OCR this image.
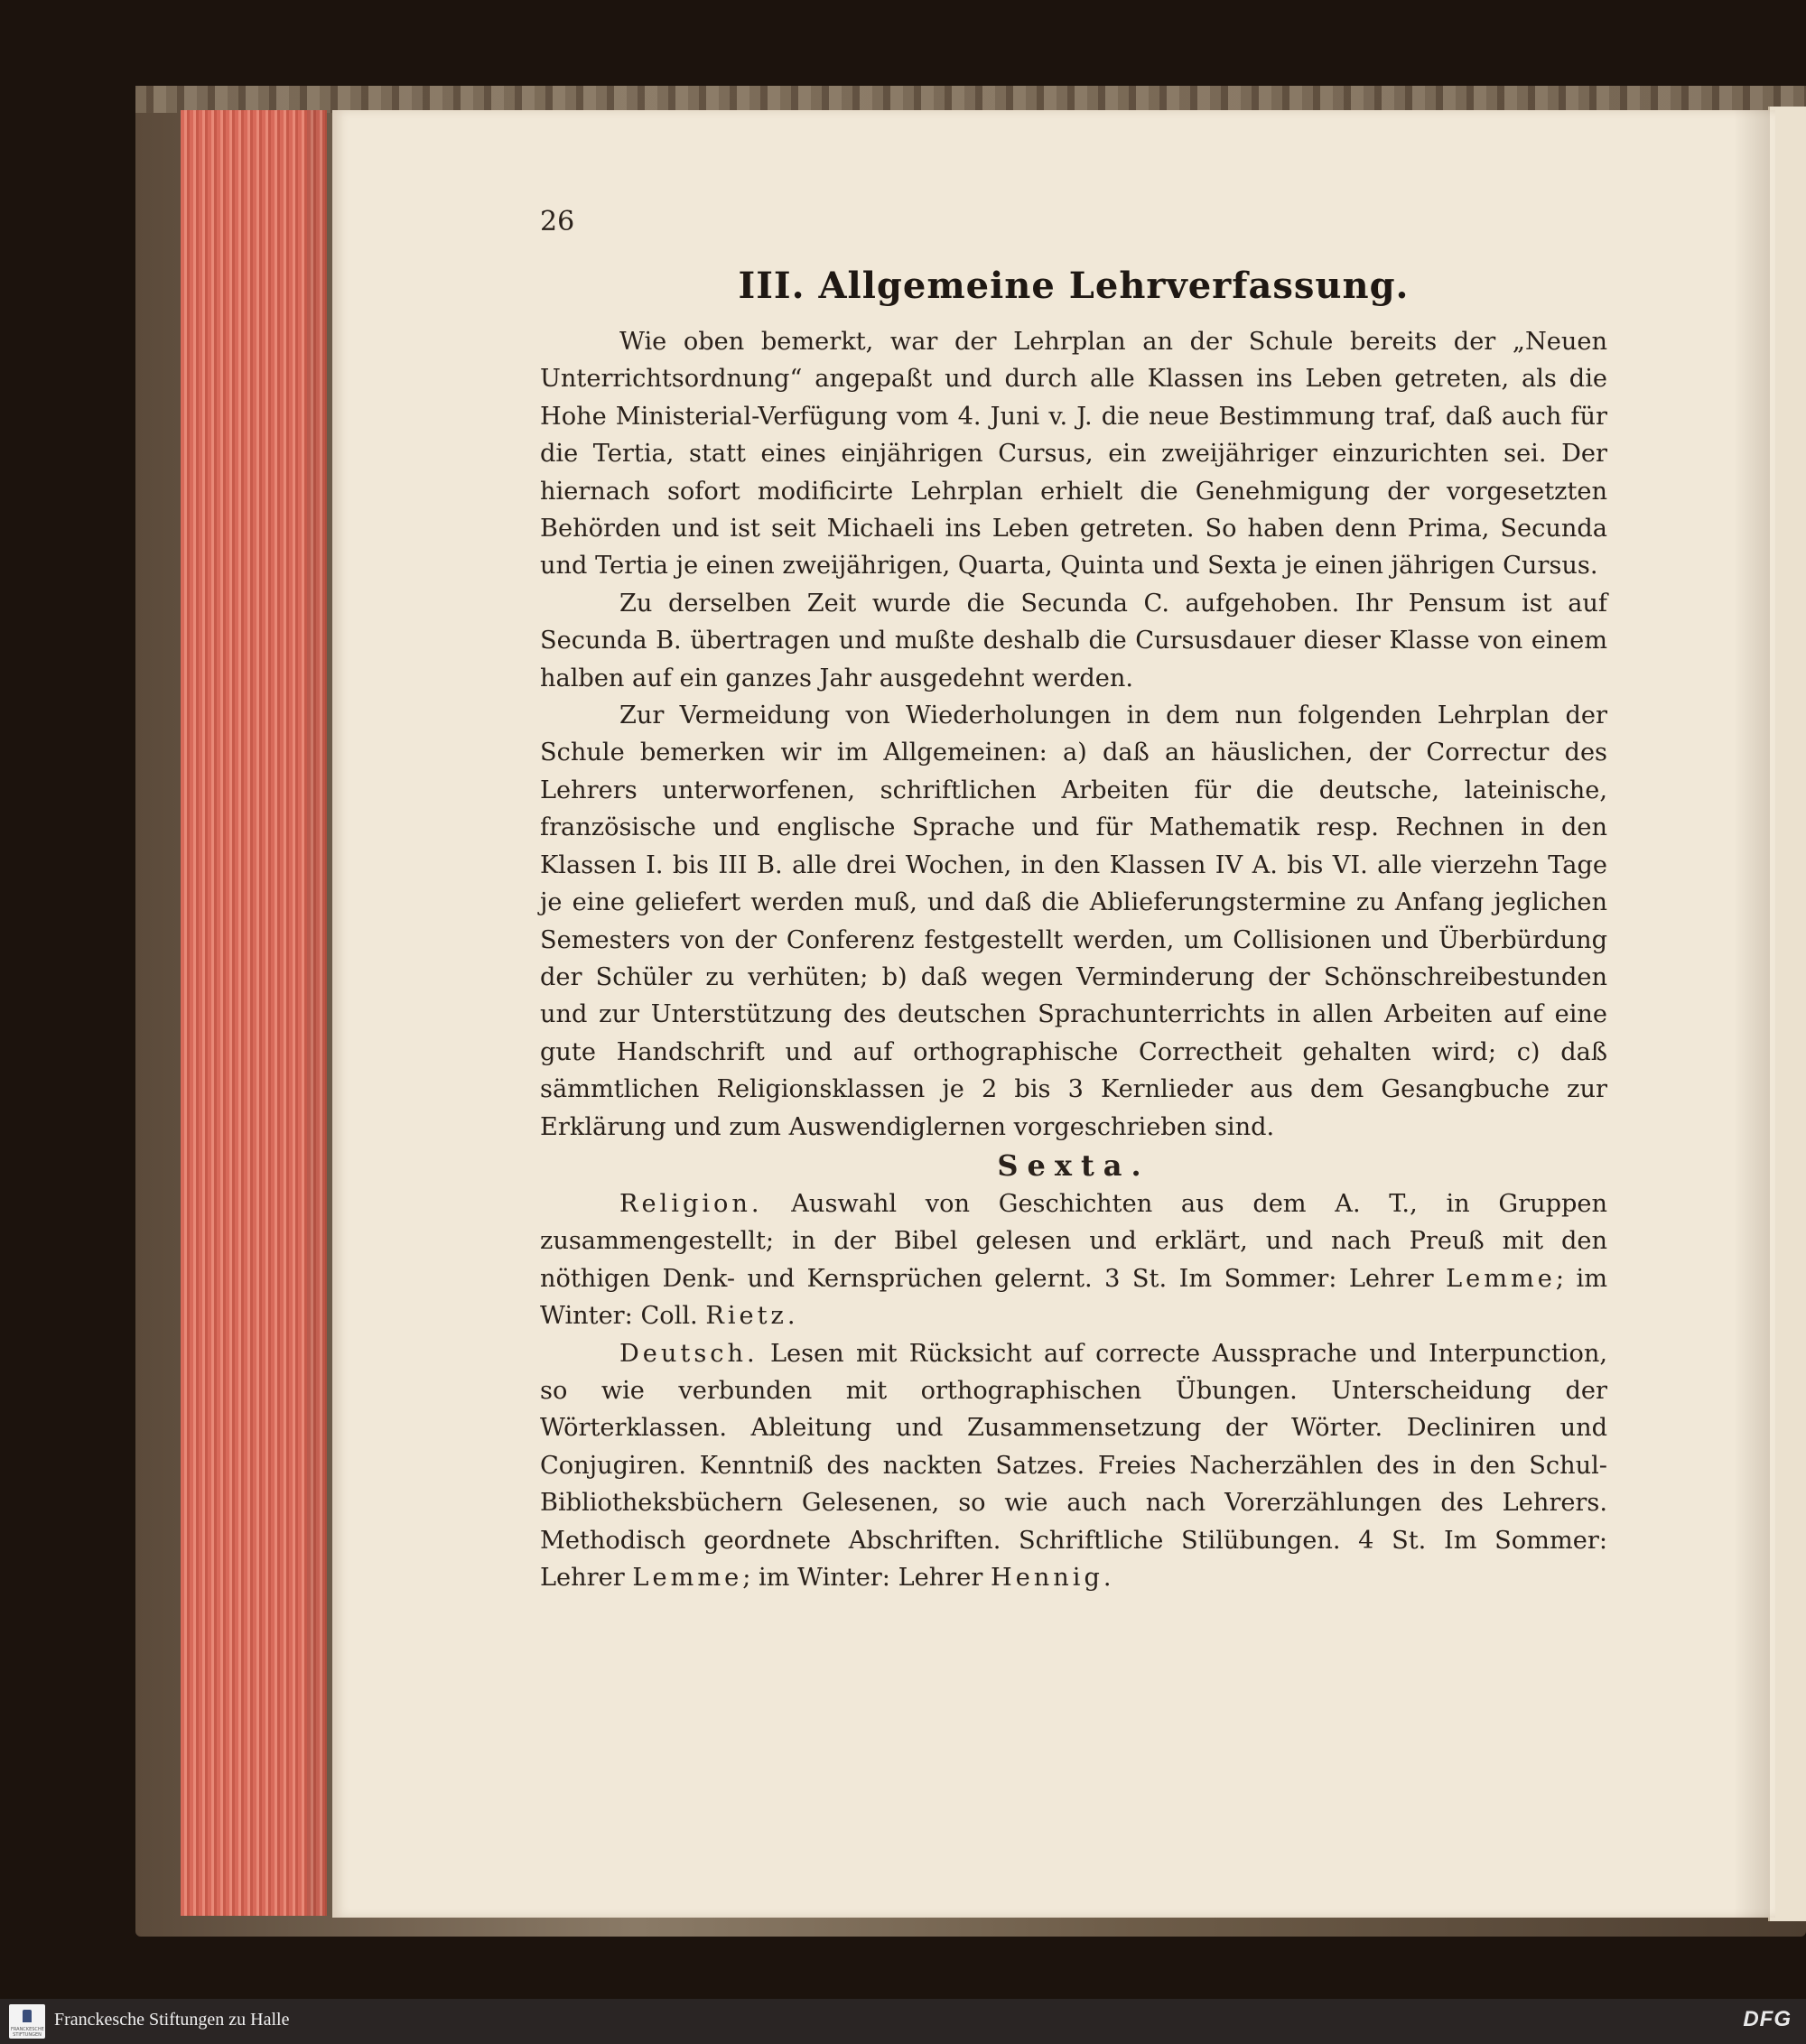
26
III. Allgemeine Lehrverfassung.

Wie oben bemerkt, war der Lehrplan an der Schule bereits der „Neuen Unterrichtsordnung“ angepaßt und durch alle Klassen ins Leben getreten, als die Hohe Ministerial-Verfügung vom 4. Juni v. J. die neue Bestimmung traf, daß auch für die Tertia, statt eines einjährigen Cursus, ein zweijähriger einzurichten sei. Der hiernach sofort modificirte Lehrplan erhielt die Genehmigung der vorgesetzten Behörden und ist seit Michaeli ins Leben getreten. So haben denn Prima, Secunda und Tertia je einen zweijährigen, Quarta, Quinta und Sexta je einen jährigen Cursus.

Zu derselben Zeit wurde die Secunda C. aufgehoben. Ihr Pensum ist auf Secunda B. übertragen und mußte deshalb die Cursusdauer dieser Klasse von einem halben auf ein ganzes Jahr ausgedehnt werden.

Zur Vermeidung von Wiederholungen in dem nun folgenden Lehrplan der Schule bemerken wir im Allgemeinen: a) daß an häuslichen, der Correctur des Lehrers unterworfenen, schriftlichen Arbeiten für die deutsche, lateinische, französische und englische Sprache und für Mathematik resp. Rechnen in den Klassen I. bis III B. alle drei Wochen, in den Klassen IV A. bis VI. alle vierzehn Tage je eine geliefert werden muß, und daß die Ablieferungstermine zu Anfang jeglichen Semesters von der Conferenz festgestellt werden, um Collisionen und Überbürdung der Schüler zu verhüten; b) daß wegen Verminderung der Schönschreibestunden und zur Unterstützung des deutschen Sprachunterrichts in allen Arbeiten auf eine gute Handschrift und auf orthographische Correctheit gehalten wird; c) daß sämmtlichen Religionsklassen je 2 bis 3 Kernlieder aus dem Gesangbuche zur Erklärung und zum Auswendiglernen vorgeschrieben sind.

Sexta.

Religion. Auswahl von Geschichten aus dem A. T., in Gruppen zusammengestellt; in der Bibel gelesen und erklärt, und nach Preuß mit den nöthigen Denk- und Kernsprüchen gelernt. 3 St. Im Sommer: Lehrer Lemme; im Winter: Coll. Rietz.

Deutsch. Lesen mit Rücksicht auf correcte Aussprache und Interpunction, so wie verbunden mit orthographischen Übungen. Unterscheidung der Wörterklassen. Ableitung und Zusammensetzung der Wörter. Decliniren und Conjugiren. Kenntniß des nackten Satzes. Freies Nacherzählen des in den Schul-Bibliotheksbüchern Gelesenen, so wie auch nach Vorerzählungen des Lehrers. Methodisch geordnete Abschriften. Schriftliche Stilübungen. 4 St. Im Sommer: Lehrer Lemme; im Winter: Lehrer Hennig.

FRANCKESCHE STIFTUNGEN
Franckesche Stiftungen zu Halle	DFG
